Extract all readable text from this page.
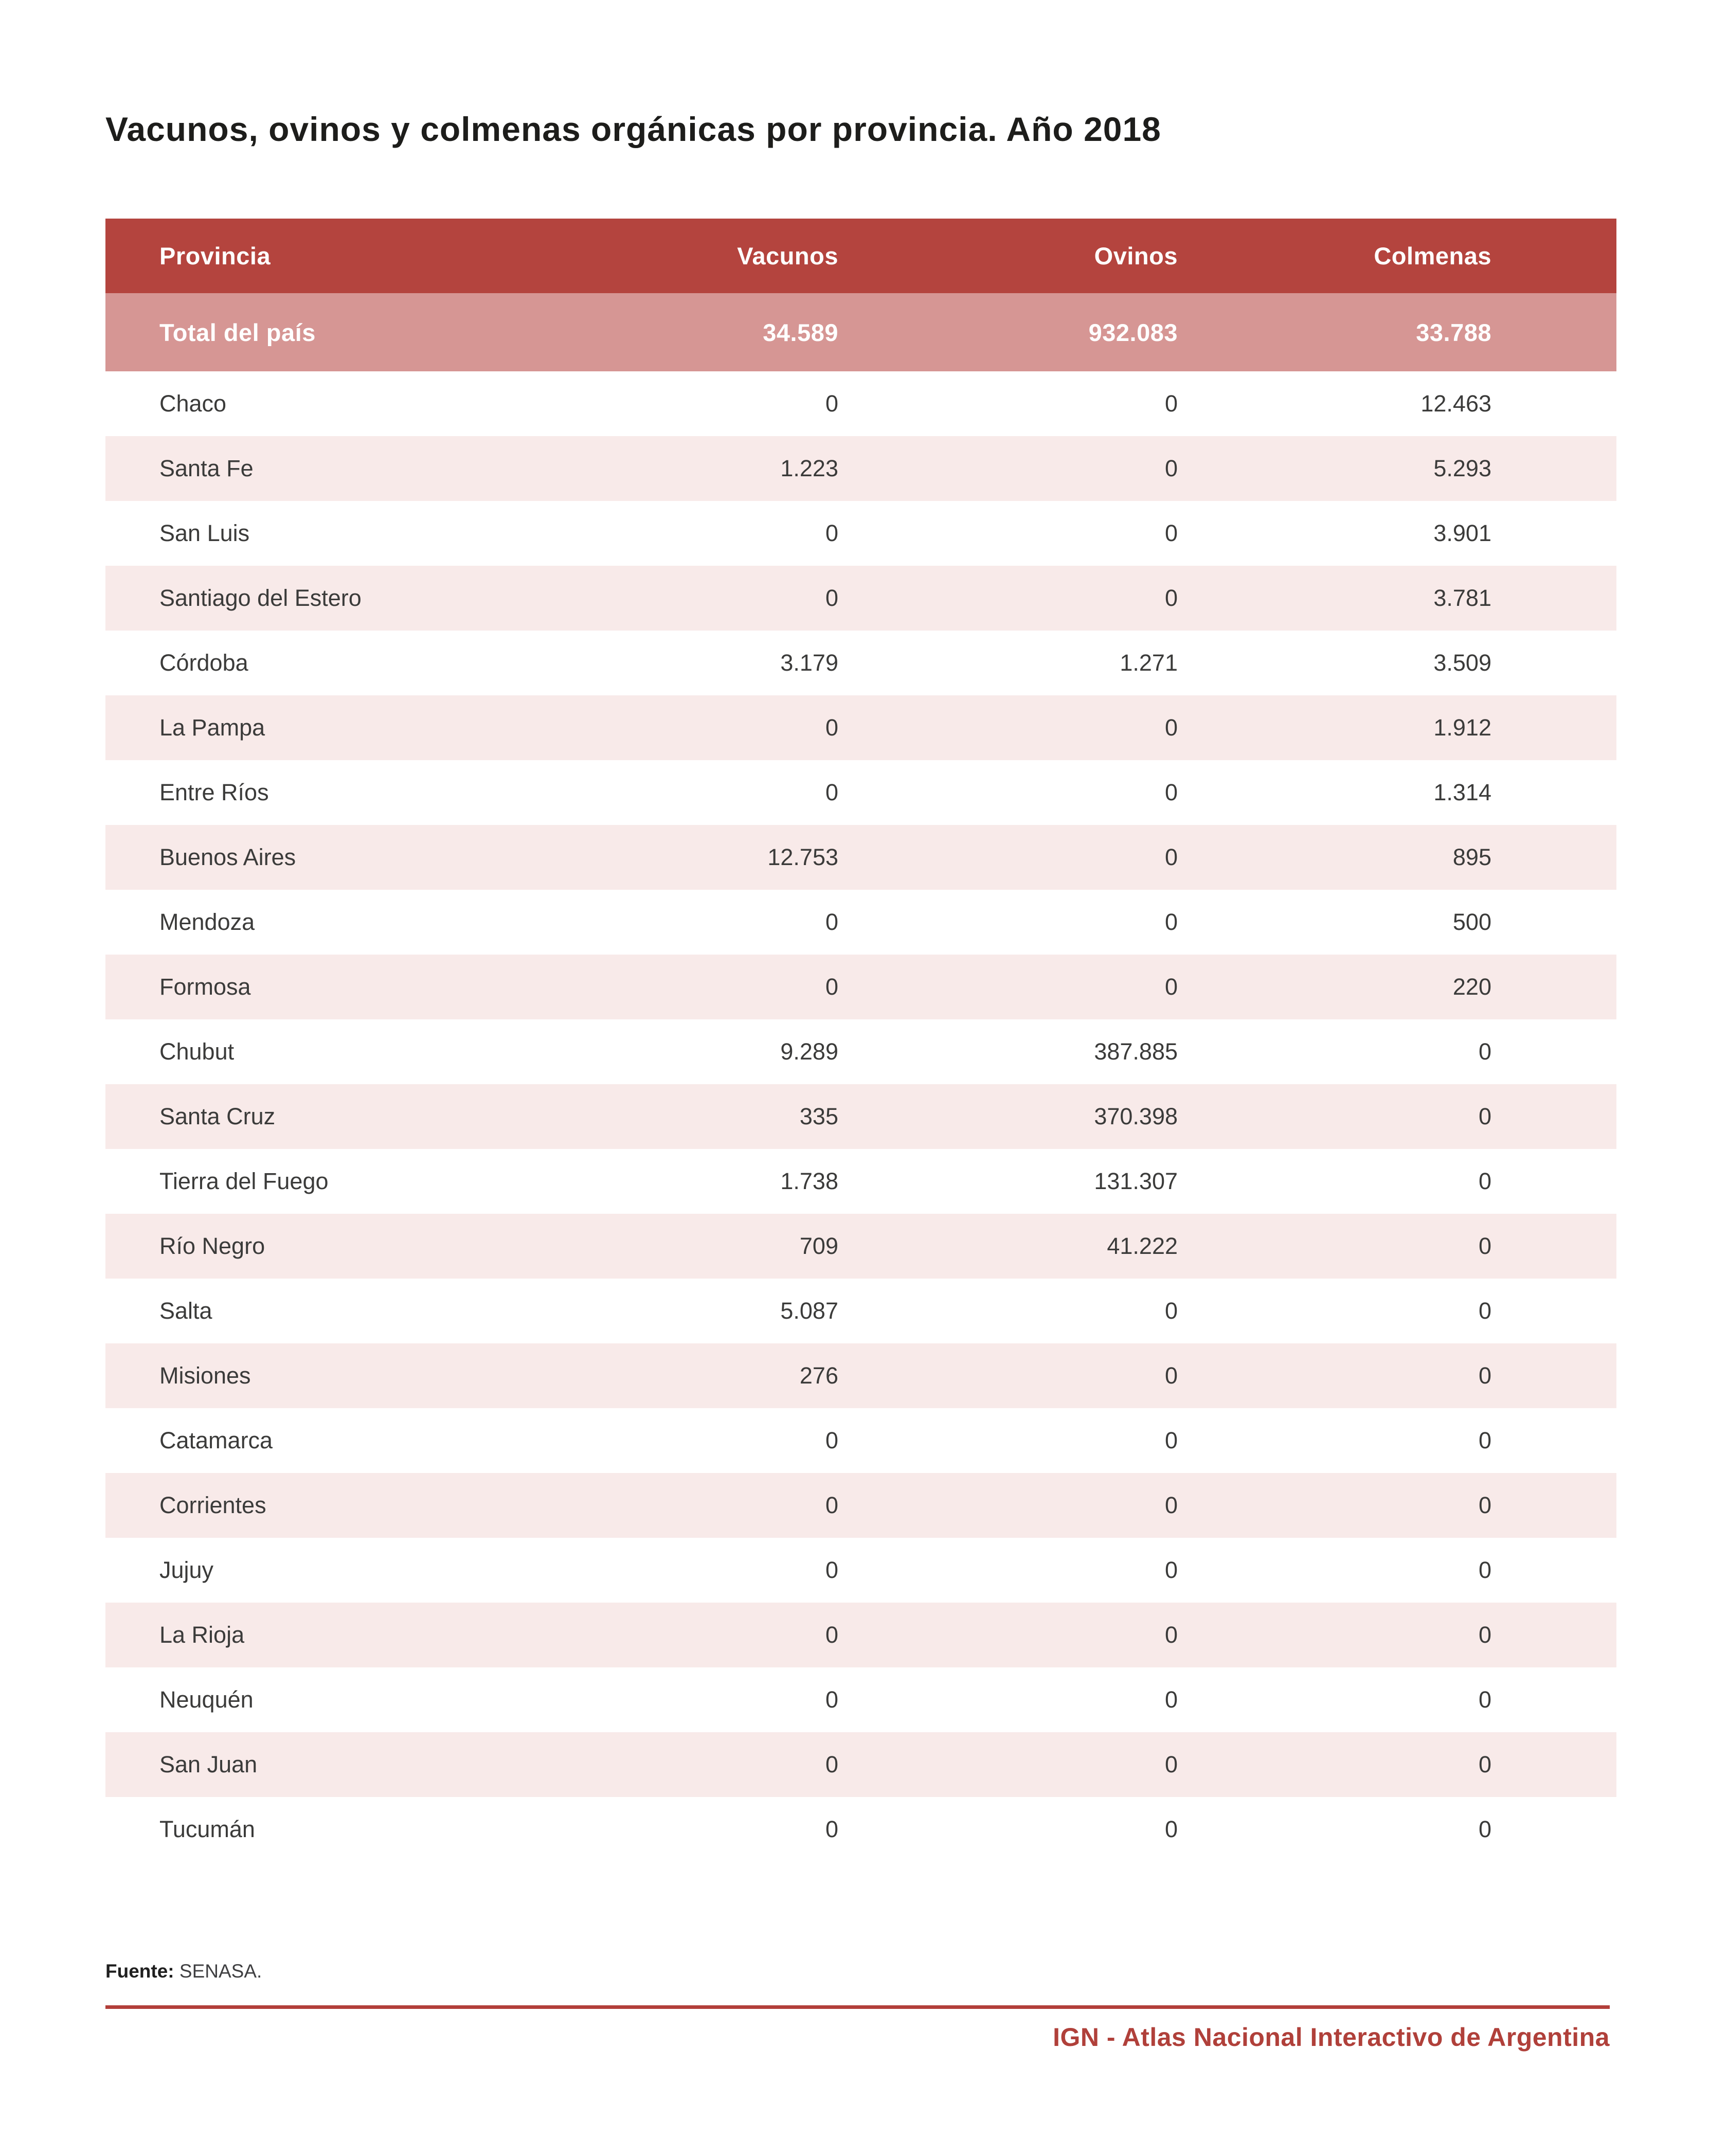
Vacunos, ovinos y colmenas orgánicas por provincia. Año 2018
Provincia	Vacunos	Ovinos	Colmenas
Total del país	34.589	932.083	33.788
Chaco	0	0	12.463
Santa Fe	1.223	0	5.293
San Luis	0	0	3.901
Santiago del Estero	0	0	3.781
Córdoba	3.179	1.271	3.509
La Pampa	0	0	1.912
Entre Ríos	0	0	1.314
Buenos Aires	12.753	0	895
Mendoza	0	0	500
Formosa	0	0	220
Chubut	9.289	387.885	0
Santa Cruz	335	370.398	0
Tierra del Fuego	1.738	131.307	0
Río Negro	709	41.222	0
Salta	5.087	0	0
Misiones	276	0	0
Catamarca	0	0	0
Corrientes	0	0	0
Jujuy	0	0	0
La Rioja	0	0	0
Neuquén	0	0	0
San Juan	0	0	0
Tucumán	0	0	0
Fuente: SENASA.
IGN - Atlas Nacional Interactivo de Argentina
